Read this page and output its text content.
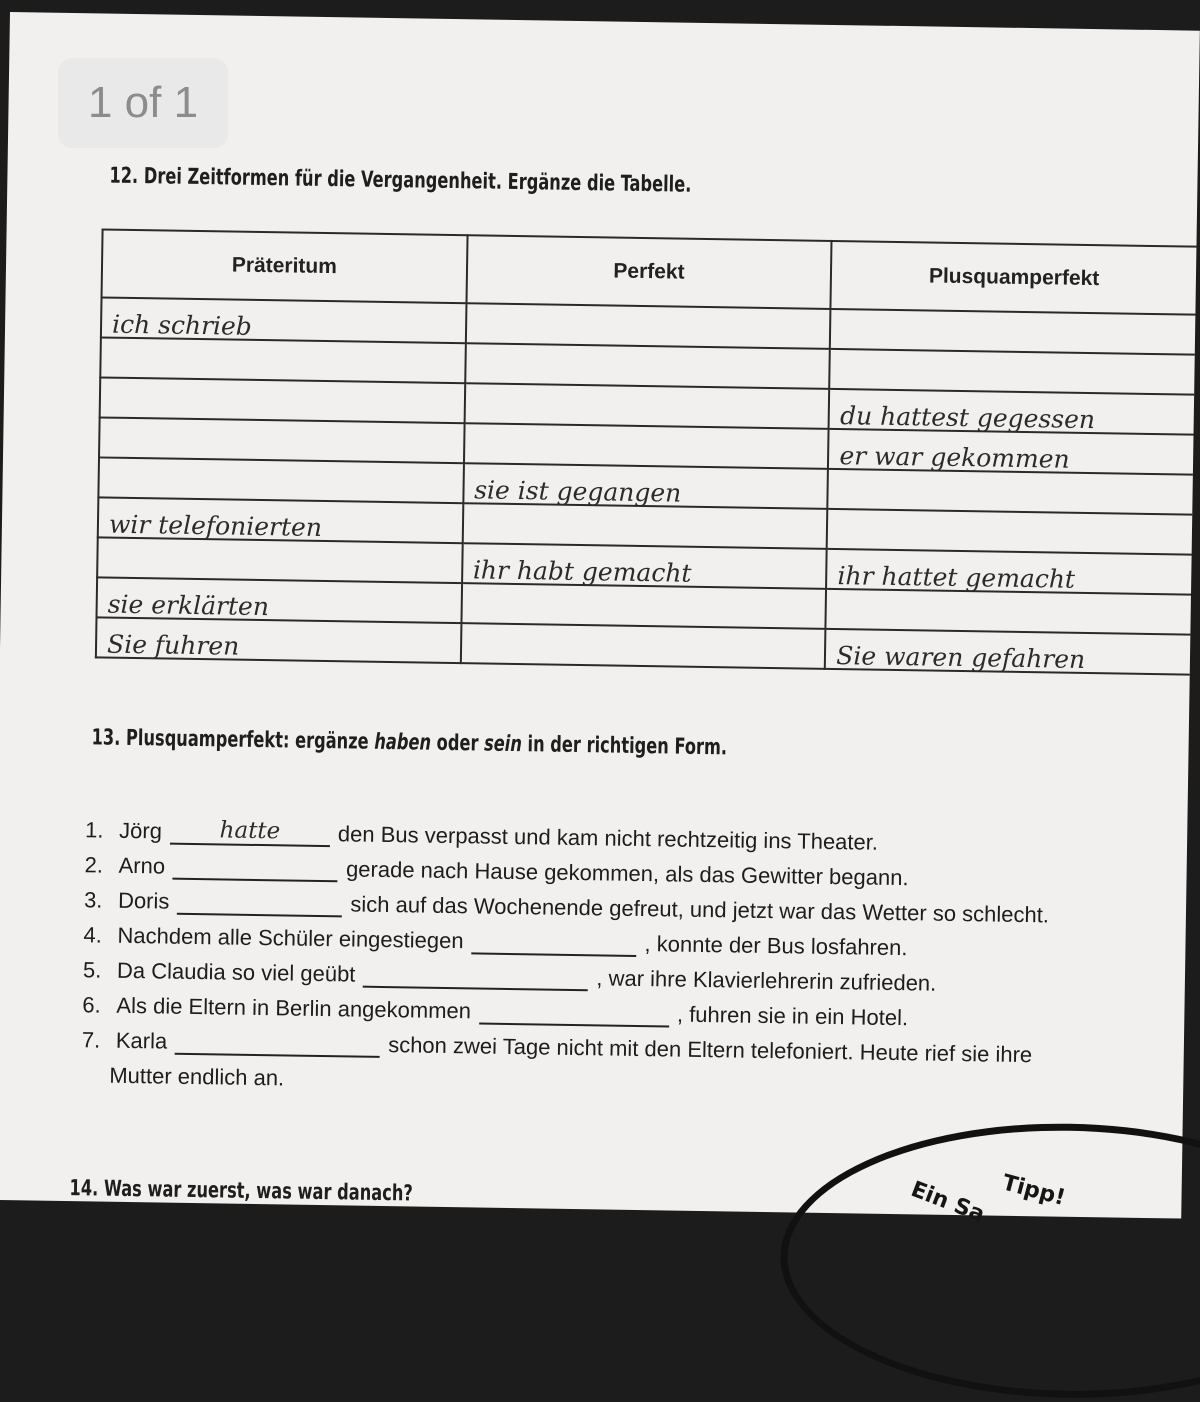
1 of 1
12. Drei Zeitformen für die Vergangenheit. Ergänze die Tabelle.
Präteritum	Perfekt	Plusquamperfekt
ich schrieb		

		du hattest gegessen
		er war gekommen
	sie ist gegangen	
wir telefonierten		
	ihr habt gemacht	ihr hattet gemacht
sie erklärten		
Sie fuhren		Sie waren gefahren
13. Plusquamperfekt: ergänze haben oder sein in der richtigen Form.
1. Jörg	hatte	den Bus verpasst und kam nicht rechtzeitig ins Theater.
2. Arno	gerade nach Hause gekommen, als das Gewitter begann.
3. Doris	sich auf das Wochenende gefreut, und jetzt war das Wetter so schlecht.
4. Nachdem alle Schüler eingestiegen	, konnte der Bus losfahren.
5. Da Claudia so viel geübt	, war ihre Klavierlehrerin zufrieden.
6. Als die Eltern in Berlin angekommen	, fuhren sie in ein Hotel.
7. Karla	schon zwei Tage nicht mit den Eltern telefoniert. Heute rief sie ihre
Mutter endlich an.
14. Was war zuerst, was war danach?	Tipp!
Ein Sa
